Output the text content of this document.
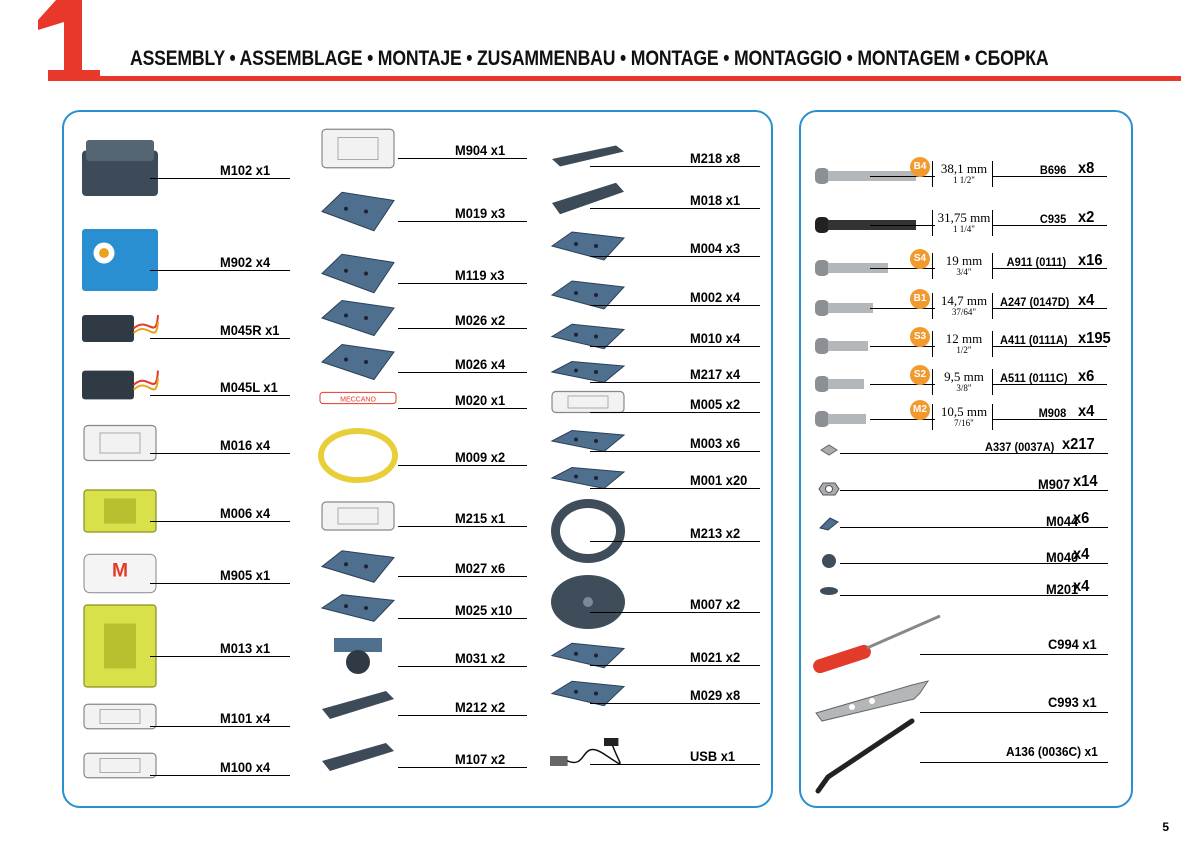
ASSEMBLY • ASSEMBLAGE • MONTAJE • ZUSAMMENBAU • MONTAGE • MONTAGGIO • MONTAGEM • СБОРКА
M102 x1
M902 x4
M045R x1
M045L x1
M016 x4
M006 x4
M	M905 x1
M013 x1
M101 x4
M100 x4
M904 x1
M019 x3
M119 x3
M026 x2
M026 x4
MECCANO	M020 x1
M009 x2
M215 x1
M027 x6
M025 x10
M031 x2
M212 x2
M107 x2
M218 x8
M018 x1
M004 x3
M002 x4
M010 x4
M217 x4
M005 x2
M003 x6
M001 x20
M213 x2
M007 x2
M021 x2
M029 x8
USB x1
B4	38,1 mm
1 1/2"
B696 x8
31,75 mm
1 1/4"
C935 x2
S4	19 mm
3/4"
A911 (0111) x16
B1	14,7 mm
37/64"
A247 (0147D) x4
S3	12 mm
1/2"
A411 (0111A) x195
S2	9,5 mm
3/8"
A511 (0111C) x6
M2	10,5 mm
7/16"
M908 x4
A337 (0037A) x217
M907 x14
M044
x6
M040
x4
M201
x4
C994 x1
C993 x1
A136 (0036C) x1
5
